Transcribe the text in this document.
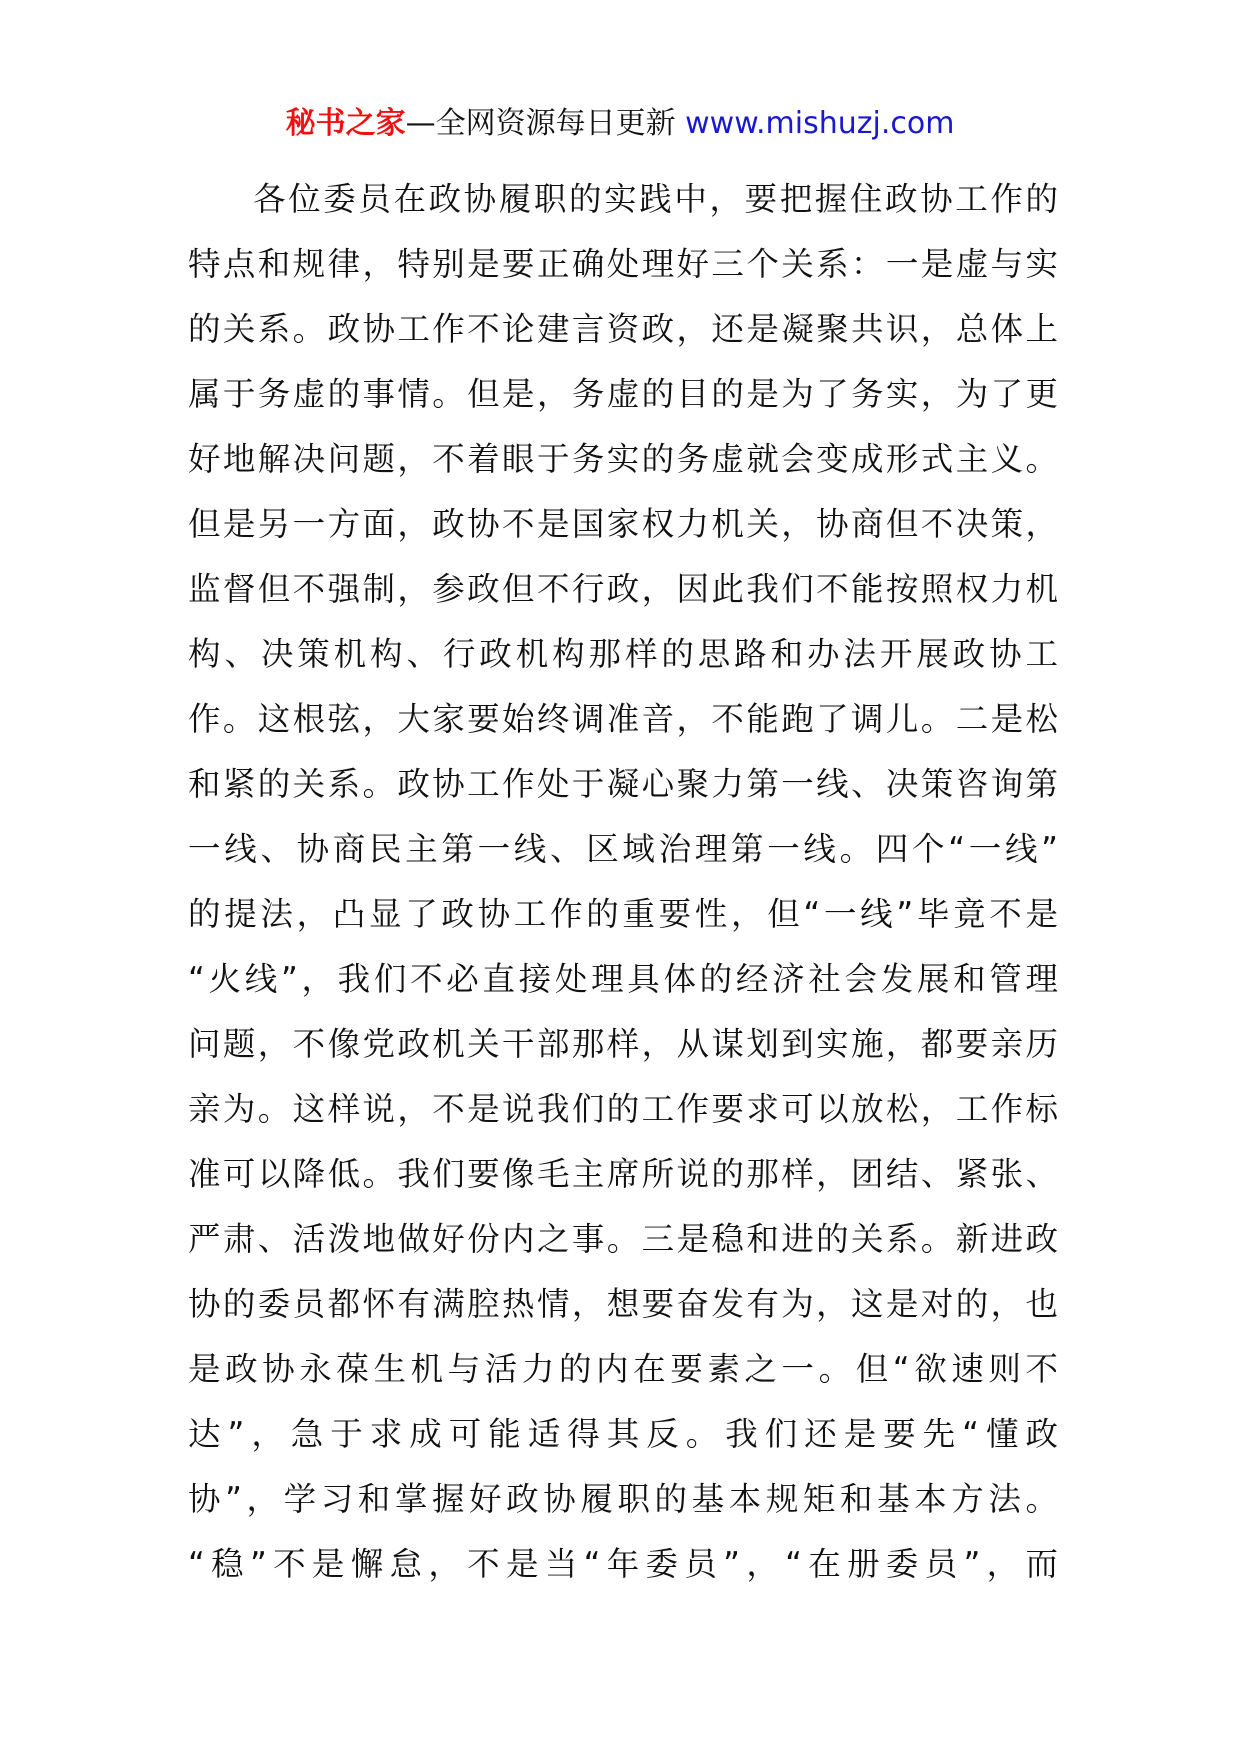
秘书之家—全网资源每日更新 www.mishuzj.com
各位委员在政协履职的实践中，要把握住政协工作的
特点和规律，特别是要正确处理好三个关系：一是虚与实
的关系。政协工作不论建言资政，还是凝聚共识，总体上
属于务虚的事情。但是，务虚的目的是为了务实，为了更
好地解决问题，不着眼于务实的务虚就会变成形式主义。
但是另一方面，政协不是国家权力机关，协商但不决策，
监督但不强制，参政但不行政，因此我们不能按照权力机
构、决策机构、行政机构那样的思路和办法开展政协工
作。这根弦，大家要始终调准音，不能跑了调儿。二是松
和紧的关系。政协工作处于凝心聚力第一线、决策咨询第
一线、协商民主第一线、区域治理第一线。四个“一线”
的提法，凸显了政协工作的重要性，但“一线”毕竟不是
“火线”，我们不必直接处理具体的经济社会发展和管理
问题，不像党政机关干部那样，从谋划到实施，都要亲历
亲为。这样说，不是说我们的工作要求可以放松，工作标
准可以降低。我们要像毛主席所说的那样，团结、紧张、
严肃、活泼地做好份内之事。三是稳和进的关系。新进政
协的委员都怀有满腔热情，想要奋发有为，这是对的，也
是政协永葆生机与活力的内在要素之一。但“欲速则不
达”，急于求成可能适得其反。我们还是要先“懂政
协”，学习和掌握好政协履职的基本规矩和基本方法。
“稳”不是懈怠，不是当“年委员”，“在册委员”，而
